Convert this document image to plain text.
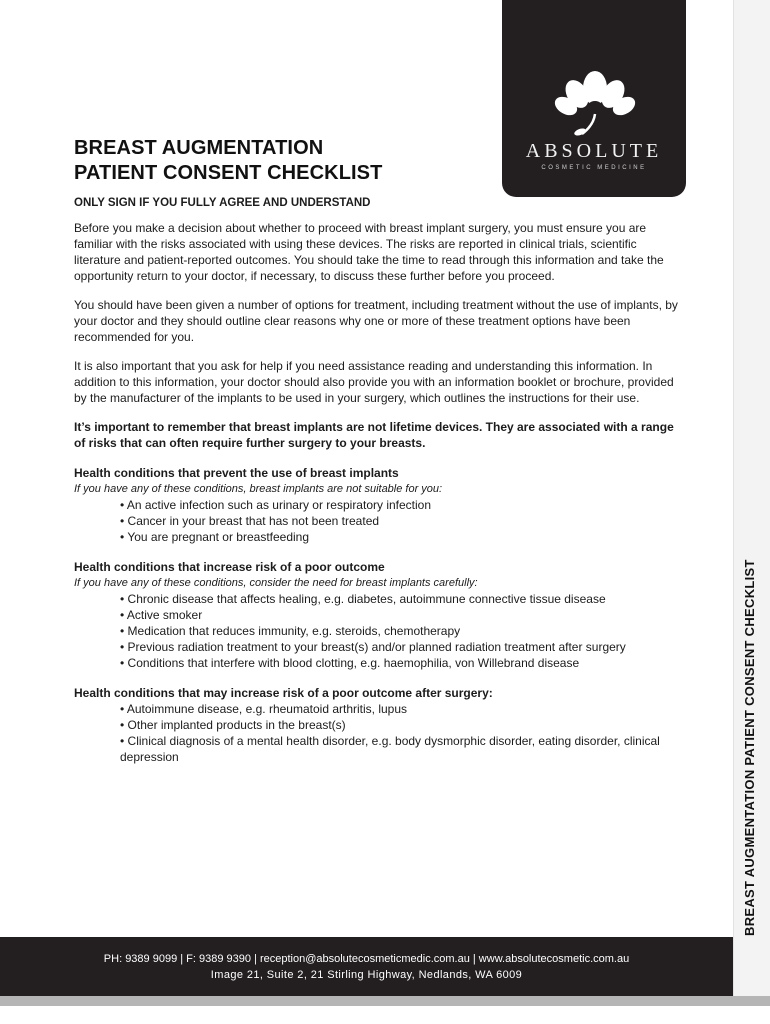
BREAST AUGMENTATION PATIENT CONSENT CHECKLIST
ABSOLUTE
COSMETIC MEDICINE
BREAST AUGMENTATION
PATIENT CONSENT CHECKLIST
ONLY SIGN IF YOU FULLY AGREE AND UNDERSTAND

Before you make a decision about whether to proceed with breast implant surgery, you must ensure you are familiar with the risks associated with using these devices. The risks are reported in clinical trials, scientific literature and patient-reported outcomes. You should take the time to read through this information and take the opportunity return to your doctor, if necessary, to discuss these further before you proceed.

You should have been given a number of options for treatment, including treatment without the use of implants, by your doctor and they should outline clear reasons why one or more of these treatment options have been recommended for you.

It is also important that you ask for help if you need assistance reading and understanding this information. In addition to this information, your doctor should also provide you with an information booklet or brochure, provided by the manufacturer of the implants to be used in your surgery, which outlines the instructions for their use.

It’s important to remember that breast implants are not lifetime devices. They are associated with a range of risks that can often require further surgery to your breasts.

Health conditions that prevent the use of breast implants
If you have any of these conditions, breast implants are not suitable for you:
• An active infection such as urinary or respiratory infection
• Cancer in your breast that has not been treated
• You are pregnant or breastfeeding
Health conditions that increase risk of a poor outcome
If you have any of these conditions, consider the need for breast implants carefully:
• Chronic disease that affects healing, e.g. diabetes, autoimmune connective tissue disease
• Active smoker
• Medication that reduces immunity, e.g. steroids, chemotherapy
• Previous radiation treatment to your breast(s) and/or planned radiation treatment after surgery
• Conditions that interfere with blood clotting, e.g. haemophilia, von Willebrand disease
Health conditions that may increase risk of a poor outcome after surgery:
• Autoimmune disease, e.g. rheumatoid arthritis, lupus
• Other implanted products in the breast(s)
• Clinical diagnosis of a mental health disorder, e.g. body dysmorphic disorder, eating disorder, clinical depression
PH: 9389 9099 | F: 9389 9390 | reception@absolutecosmeticmedic.com.au | www.absolutecosmetic.com.au
Image 21, Suite 2, 21 Stirling Highway, Nedlands, WA 6009
